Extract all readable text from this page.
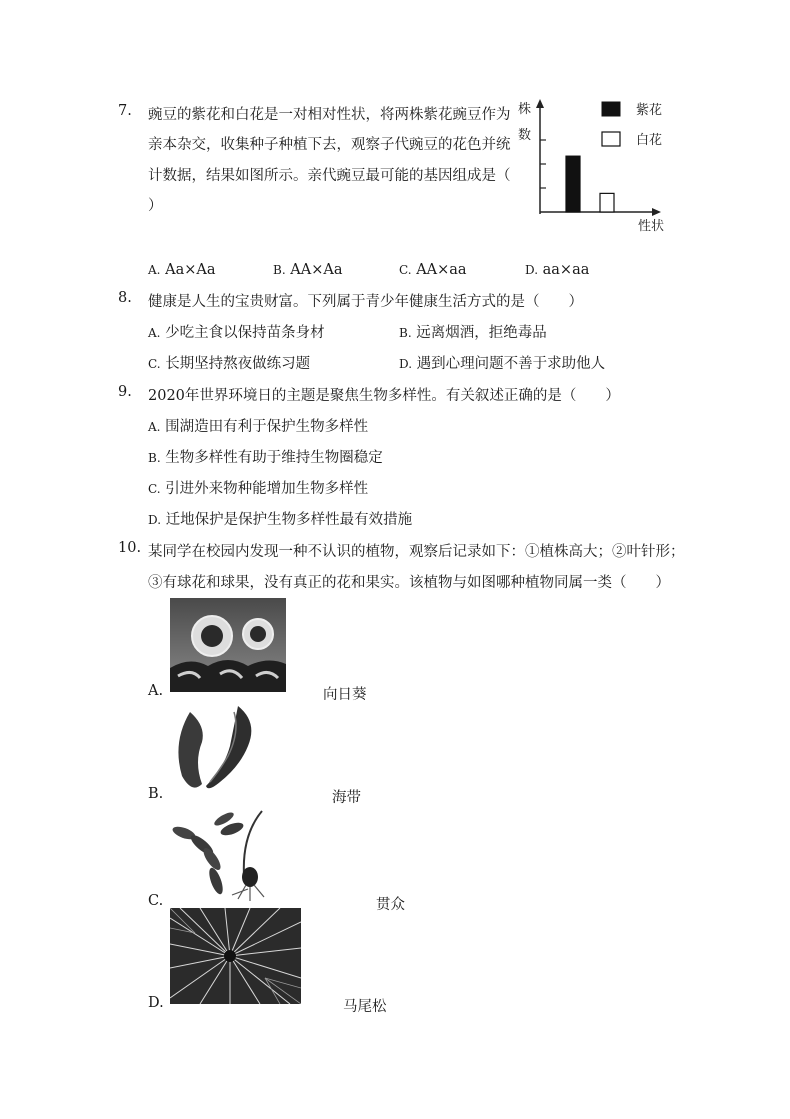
7. 豌豆的紫花和白花是一对相对性状，将两株紫花豌豆作为
亲本杂交，收集种子种植下去，观察子代豌豆的花色并统
计数据，结果如图所示。亲代豌豆最可能的基因组成是（
）
株
数
性状
紫花
白花
A. Aa×Aa	B. AA×Aa	C. AA×aa	D. aa×aa
8. 健康是人生的宝贵财富。下列属于青少年健康生活方式的是（　　）
A. 少吃主食以保持苗条身材	B. 远离烟酒，拒绝毒品
C. 长期坚持熬夜做练习题	D. 遇到心理问题不善于求助他人
9. 2020年世界环境日的主题是聚焦生物多样性。有关叙述正确的是（　　）
A. 围湖造田有利于保护生物多样性
B. 生物多样性有助于维持生物圈稳定
C. 引进外来物种能增加生物多样性
D. 迁地保护是保护生物多样性最有效措施
10. 某同学在校园内发现一种不认识的植物，观察后记录如下：①植株高大；②叶针形；
③有球花和球果，没有真正的花和果实。该植物与如图哪种植物同属一类（　　）
A.	向日葵
B.	海带
C.	贯众
D.	马尾松
